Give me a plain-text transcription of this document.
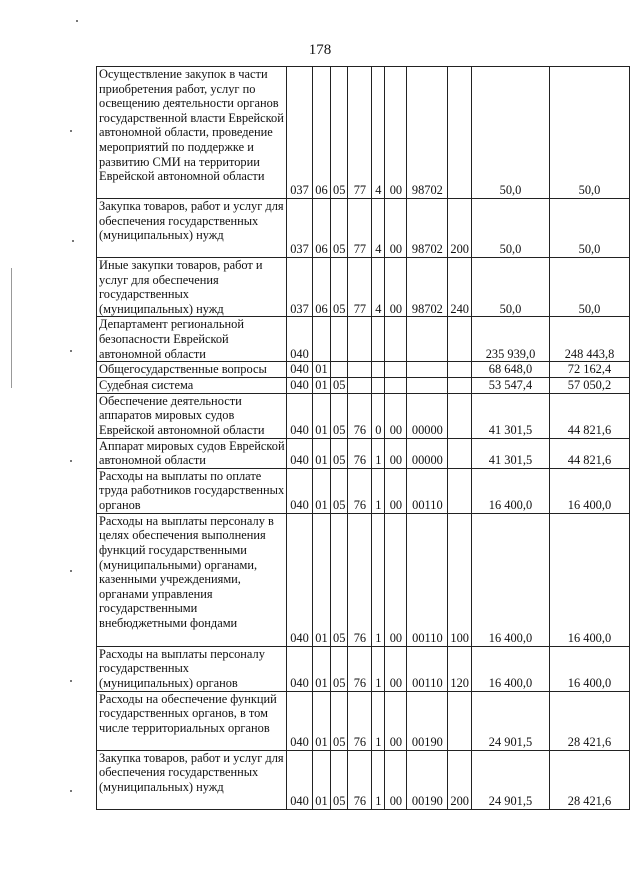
178
Осуществление закупок в части приобретения работ, услуг по освещению деятельности органов государственной власти Еврейской автономной области, проведение мероприятий по поддержке и развитию СМИ на территории Еврейской автономной области	037	06	05	77	4	00	98702		50,0	50,0
Закупка товаров, работ и услуг для обеспечения государственных (муниципальных) нужд	037	06	05	77	4	00	98702	200	50,0	50,0
Иные закупки товаров, работ и услуг для обеспечения государственных (муниципальных) нужд	037	06	05	77	4	00	98702	240	50,0	50,0
Департамент региональной безопасности Еврейской автономной области	040								235 939,0	248 443,8
Общегосударственные вопросы	040	01							68 648,0	72 162,4
Судебная система	040	01	05						53 547,4	57 050,2
Обеспечение деятельности аппаратов мировых судов Еврейской автономной области	040	01	05	76	0	00	00000		41 301,5	44 821,6
Аппарат мировых судов Еврейской автономной области	040	01	05	76	1	00	00000		41 301,5	44 821,6
Расходы на выплаты по оплате труда работников государственных органов	040	01	05	76	1	00	00110		16 400,0	16 400,0
Расходы на выплаты персоналу в целях обеспечения выполнения функций государственными (муниципальными) органами, казенными учреждениями, органами управления государственными внебюджетными фондами	040	01	05	76	1	00	00110	100	16 400,0	16 400,0
Расходы на выплаты персоналу государственных (муниципальных) органов	040	01	05	76	1	00	00110	120	16 400,0	16 400,0
Расходы на обеспечение функций государственных органов, в том числе территориальных органов	040	01	05	76	1	00	00190		24 901,5	28 421,6
Закупка товаров, работ и услуг для обеспечения государственных (муниципальных) нужд	040	01	05	76	1	00	00190	200	24 901,5	28 421,6
